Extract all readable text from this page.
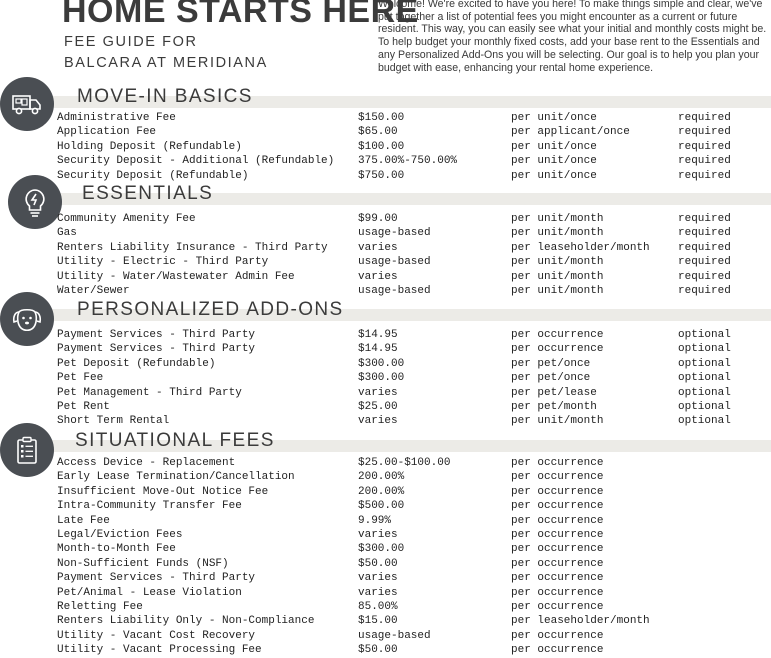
HOME STARTS HERE
FEE GUIDE FOR
BALCARA AT MERIDIANA
Welcome! We're excited to have you here! To make things simple and clear, we've
put together a list of potential fees you might encounter as a current or future
resident. This way, you can easily see what your initial and monthly costs might be.
To help budget your monthly fixed costs, add your base rent to the Essentials and
any Personalized Add-Ons you will be selecting. Our goal is to help you plan your
budget with ease, enhancing your rental home experience.
MOVE-IN BASICS
Administrative Fee	$150.00	per unit/once	required
Application Fee	$65.00	per applicant/once	required
Holding Deposit (Refundable)	$100.00	per unit/once	required
Security Deposit - Additional (Refundable) 375.00%-750.00%	per unit/once	required
Security Deposit (Refundable)	$750.00	per unit/once	required
ESSENTIALS
Community Amenity Fee	$99.00	per unit/month	required
Gas	usage-based	per unit/month	required
Renters Liability Insurance - Third Party	varies	per leaseholder/month	required
Utility - Electric - Third Party	usage-based	per unit/month	required
Utility - Water/Wastewater Admin Fee	varies	per unit/month	required
Water/Sewer	usage-based	per unit/month	required
PERSONALIZED ADD-ONS
Payment Services - Third Party	$14.95	per occurrence	optional
Payment Services - Third Party	$14.95	per occurrence	optional
Pet Deposit (Refundable)	$300.00	per pet/once	optional
Pet Fee	$300.00	per pet/once	optional
Pet Management - Third Party	varies	per pet/lease	optional
Pet Rent	$25.00	per pet/month	optional
Short Term Rental	varies	per unit/month	optional
SITUATIONAL FEES
Access Device - Replacement	$25.00-$100.00	per occurrence
Early Lease Termination/Cancellation	200.00%	per occurrence
Insufficient Move-Out Notice Fee	200.00%	per occurrence
Intra-Community Transfer Fee	$500.00	per occurrence
Late Fee	9.99%	per occurrence
Legal/Eviction Fees	varies	per occurrence
Month-to-Month Fee	$300.00	per occurrence
Non-Sufficient Funds (NSF)	$50.00	per occurrence
Payment Services - Third Party	varies	per occurrence
Pet/Animal - Lease Violation	varies	per occurrence
Reletting Fee	85.00%	per occurrence
Renters Liability Only - Non-Compliance	$15.00	per leaseholder/month
Utility - Vacant Cost Recovery	usage-based	per occurrence
Utility - Vacant Processing Fee	$50.00	per occurrence
